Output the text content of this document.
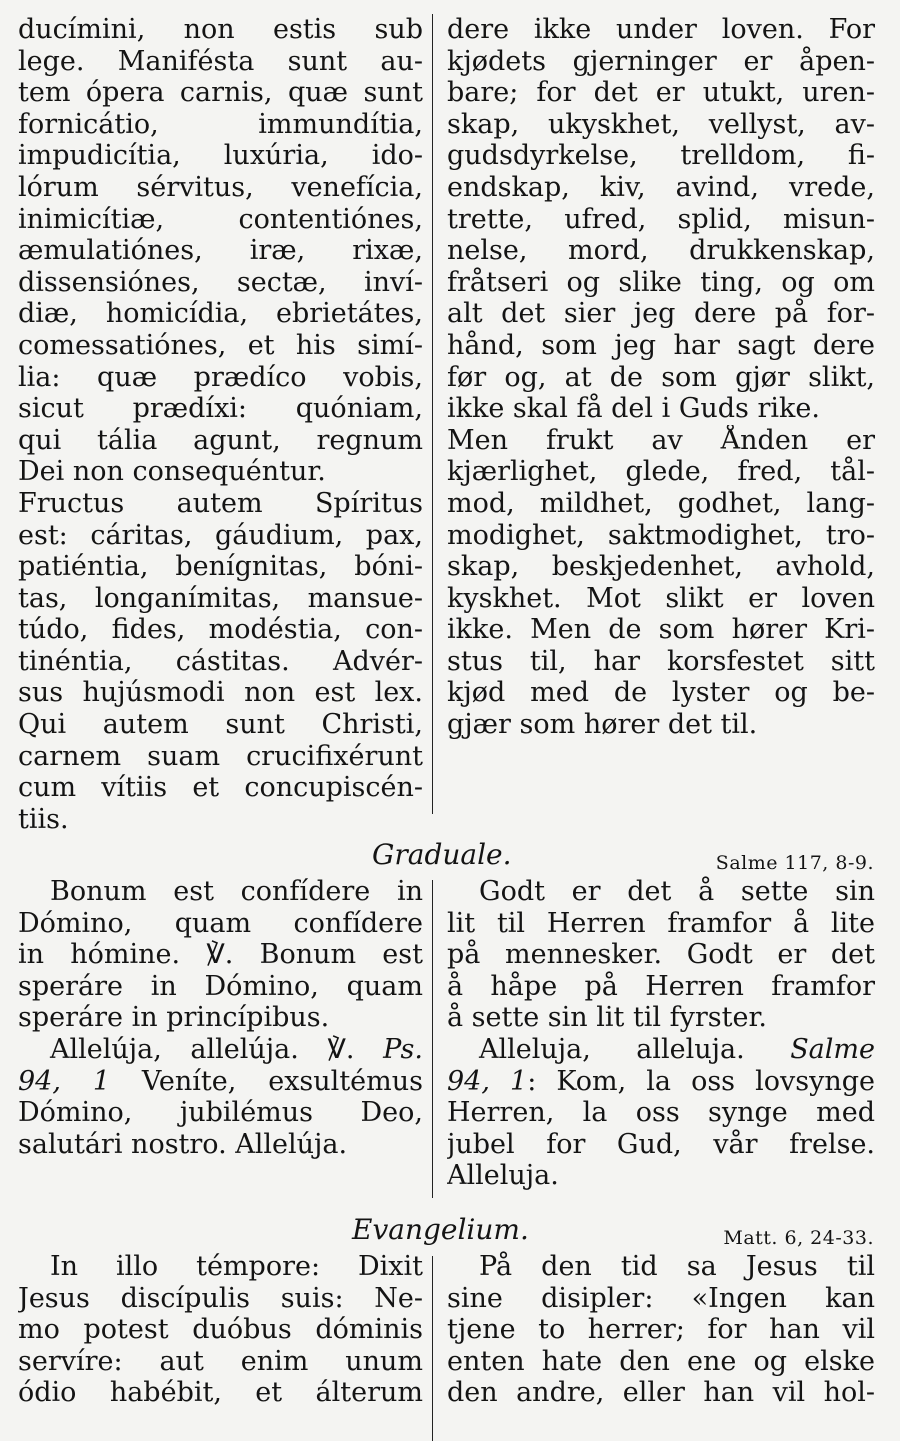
ducímini, non estis sub
lege. Manifésta sunt au-
tem ópera carnis, quæ sunt
fornicátio, immundítia,
impudicítia, luxúria, ido-
lórum sérvitus, venefícia,
inimicítiæ, contentiónes,
æmulatiónes, iræ, rixæ,
dissensiónes, sectæ, inví-
diæ, homicídia, ebrietátes,
comessatiónes, et his simí-
lia: quæ prædíco vobis,
sicut prædíxi: quóniam,
qui tália agunt, regnum
Dei non consequéntur.
Fructus autem Spíritus
est: cáritas, gáudium, pax,
patiéntia, benígnitas, bóni-
tas, longanímitas, mansue-
túdo, fides, modéstia, con-
tinéntia, cástitas. Advér-
sus hujúsmodi non est lex.
Qui autem sunt Christi,
carnem suam crucifixérunt
cum vítiis et concupiscén-
tiis.
dere ikke under loven. For
kjødets gjerninger er åpen-
bare; for det er utukt, uren-
skap, ukyskhet, vellyst, av-
gudsdyrkelse, trelldom, fi-
endskap, kiv, avind, vrede,
trette, ufred, splid, misun-
nelse, mord, drukkenskap,
fråtseri og slike ting, og om
alt det sier jeg dere på for-
hånd, som jeg har sagt dere
før og, at de som gjør slikt,
ikke skal få del i Guds rike.
Men frukt av Ånden er
kjærlighet, glede, fred, tål-
mod, mildhet, godhet, lang-
modighet, saktmodighet, tro-
skap, beskjedenhet, avhold,
kyskhet. Mot slikt er loven
ikke. Men de som hører Kri-
stus til, har korsfestet sitt
kjød med de lyster og be-
gjær som hører det til.
Graduale.	Salme 117, 8-9.
Bonum est confídere in
Dómino, quam confídere
in hómine. ℣. Bonum est
speráre in Dómino, quam
speráre in princípibus.
Allelúja, allelúja. ℣. Ps.
94, 1 Veníte, exsultémus
Dómino, jubilémus Deo,
salutári nostro. Allelúja.
Godt er det å sette sin
lit til Herren framfor å lite
på mennesker. Godt er det
å håpe på Herren framfor
å sette sin lit til fyrster.
Alleluja, alleluja. Salme
94, 1: Kom, la oss lovsynge
Herren, la oss synge med
jubel for Gud, vår frelse.
Alleluja.
Evangelium.	Matt. 6, 24-33.
In illo témpore: Dixit
Jesus discípulis suis: Ne-
mo potest duóbus dóminis
servíre: aut enim unum
ódio habébit, et álterum
På den tid sa Jesus til
sine disipler: «Ingen kan
tjene to herrer; for han vil
enten hate den ene og elske
den andre, eller han vil hol-
